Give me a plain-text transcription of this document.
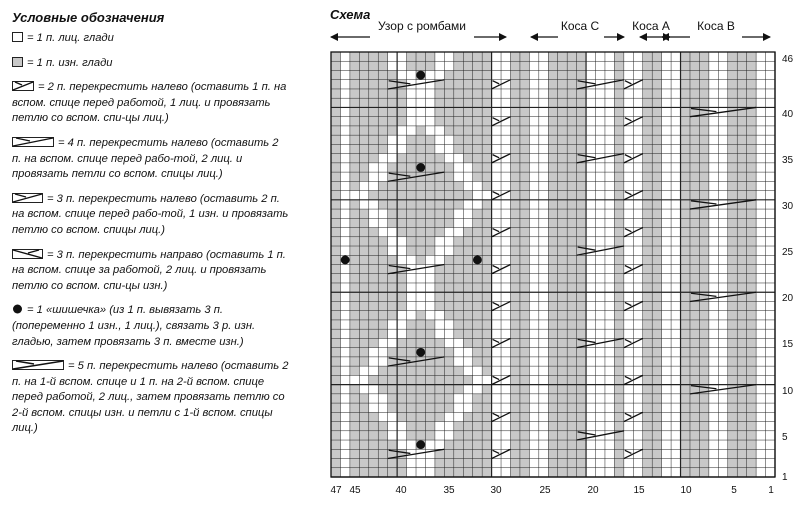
Условные обозначения
= 1 п. лиц. глади
= 1 п. изн. глади
= 2 п. перекрестить налево (оставить 1 п. на вспом. спице перед работой, 1 лиц. и провязать петлю со вспом. спи-цы лиц.)
= 4 п. перекрестить налево (оставить 2 п. на вспом. спице перед рабо-той, 2 лиц. и провязать петли со вспом. спицы лиц.)
= 3 п. перекрестить налево (оставить 2 п. на вспом. спице перед рабо-той, 1 изн. и провязать петлю со вспом. спицы лиц.)
= 3 п. перекрестить направо (оставить 1 п. на вспом. спице за работой, 2 лиц. и провязать петлю со вспом. спи-цы изн.)
= 1 «шишечка» (из 1 п. вывязать 3 п. (попеременно 1 изн., 1 лиц.), связать 3 р. изн. гладью, затем провязать 3 п. вместе изн.)
= 5 п. перекрестить налево (оставить 2 п. на 1-й вспом. спице и 1 п. на 2-й вспом. спице перед работой, 2 лиц., затем провязать петлю со 2-й вспом. спицы изн. и петли с 1-й вспом. спицы лиц.)
Схема
Узор с ромбами	Коса C	Коса A Коса B
1
5
10
15
20
25
30
35
40
46
47 45	40	35	30	25	20	15	10	5	1
